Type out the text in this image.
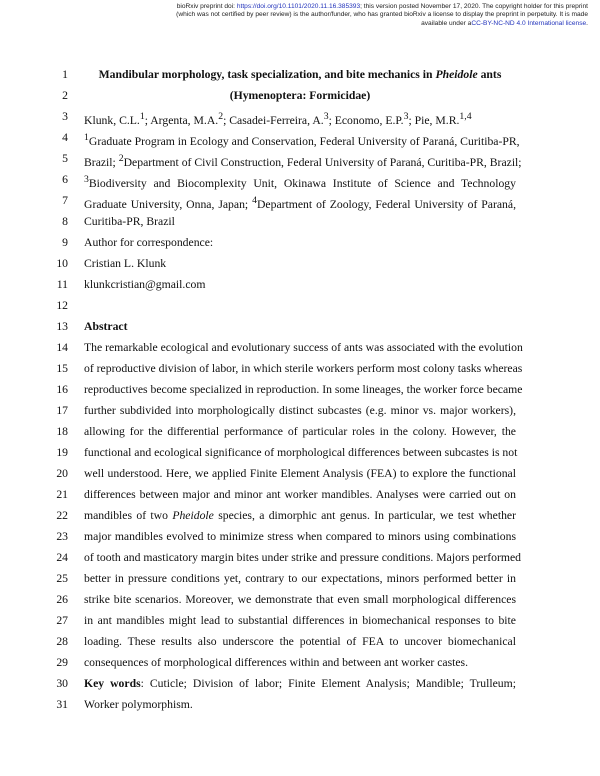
bioRxiv preprint doi: https://doi.org/10.1101/2020.11.16.385393; this version posted November 17, 2020. The copyright holder for this preprint
(which was not certified by peer review) is the author/funder, who has granted bioRxiv a license to display the preprint in perpetuity. It is made
available under aCC-BY-NC-ND 4.0 International license.
1	Mandibular morphology, task specialization, and bite mechanics in Pheidole ants
2	(Hymenoptera: Formicidae)
3 Klunk, C.L.$^1$; Argenta, M.A.$^2$; Casadei-Ferreira, A.$^3$; Economo, E.P.$^3$; Pie, M.R.$^{1,4}$
4 $^1$Graduate Program in Ecology and Conservation, Federal University of Paraná, Curitiba-PR,
5 Brazil; $^2$Department of Civil Construction, Federal University of Paraná, Curitiba-PR, Brazil;
6 $^3$Biodiversity and Biocomplexity Unit, Okinawa Institute of Science and Technology
7 Graduate University, Onna, Japan; $^4$Department of Zoology, Federal University of Paraná,
8 Curitiba-PR, Brazil
9 Author for correspondence:
10 Cristian L. Klunk
11 klunkcristian@gmail.com
12
13 Abstract
14 The remarkable ecological and evolutionary success of ants was associated with the evolution
15 of reproductive division of labor, in which sterile workers perform most colony tasks whereas
16 reproductives become specialized in reproduction. In some lineages, the worker force became
17 further subdivided into morphologically distinct subcastes (e.g. minor vs. major workers),
18 allowing for the differential performance of particular roles in the colony. However, the
19 functional and ecological significance of morphological differences between subcastes is not
20 well understood. Here, we applied Finite Element Analysis (FEA) to explore the functional
21 differences between major and minor ant worker mandibles. Analyses were carried out on
22 mandibles of two Pheidole species, a dimorphic ant genus. In particular, we test whether
23 major mandibles evolved to minimize stress when compared to minors using combinations
24 of tooth and masticatory margin bites under strike and pressure conditions. Majors performed
25 better in pressure conditions yet, contrary to our expectations, minors performed better in
26 strike bite scenarios. Moreover, we demonstrate that even small morphological differences
27 in ant mandibles might lead to substantial differences in biomechanical responses to bite
28 loading. These results also underscore the potential of FEA to uncover biomechanical
29 consequences of morphological differences within and between ant worker castes.
30 Key words: Cuticle; Division of labor; Finite Element Analysis; Mandible; Trulleum;
31 Worker polymorphism.
